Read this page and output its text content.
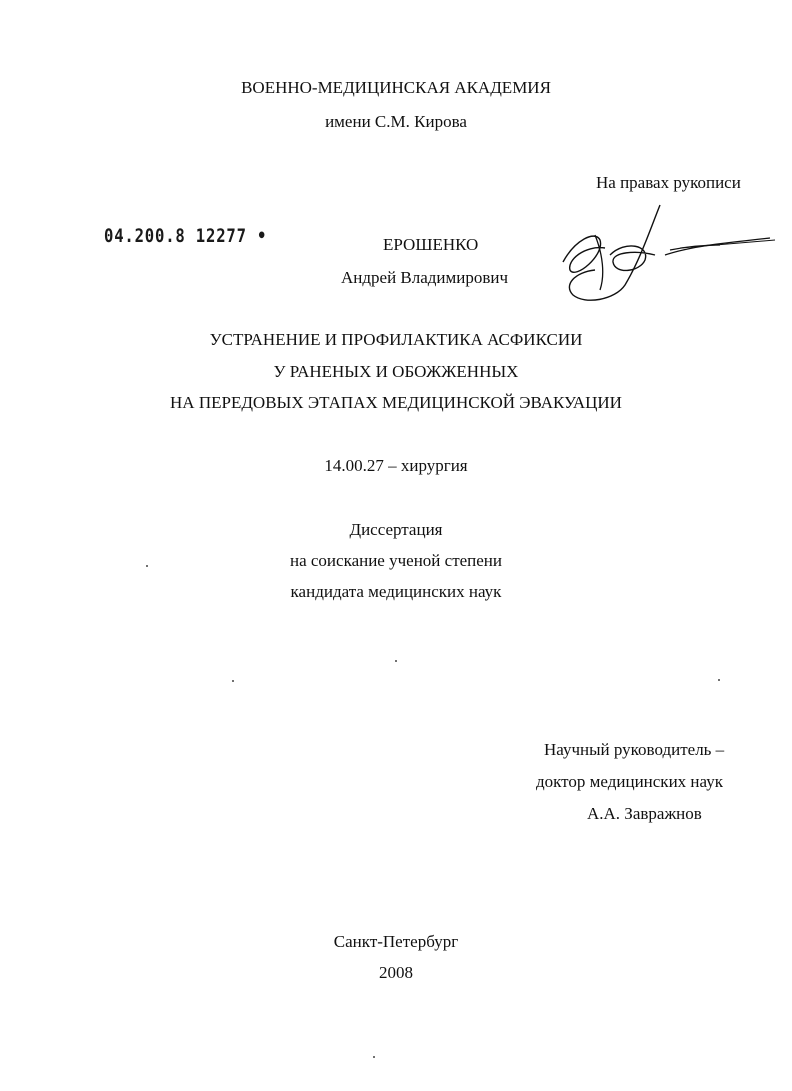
ВОЕННО-МЕДИЦИНСКАЯ АКАДЕМИЯ
имени С.М. Кирова
На правах рукописи
04.200.8 12277 •	ЕРОШЕНКО
Андрей Владимирович
УСТРАНЕНИЕ И ПРОФИЛАКТИКА АСФИКСИИ
У РАНЕНЫХ И ОБОЖЖЕННЫХ
НА ПЕРЕДОВЫХ ЭТАПАХ МЕДИЦИНСКОЙ ЭВАКУАЦИИ
14.00.27 – хирургия
Диссертация
на соискание ученой степени
кандидата медицинских наук
Научный руководитель –
доктор медицинских наук
А.А. Завражнов
Санкт-Петербург
2008
